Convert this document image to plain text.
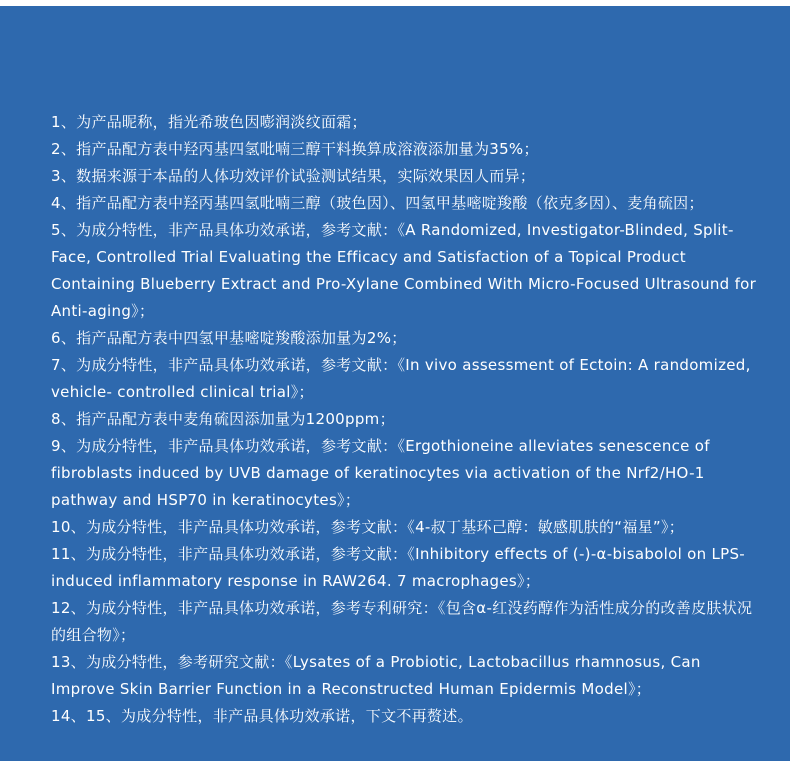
1、为产品昵称，指光希玻色因嘭润淡纹面霜；
2、指产品配方表中羟丙基四氢吡喃三醇干料换算成溶液添加量为35%；
3、数据来源于本品的人体功效评价试验测试结果，实际效果因人而异；
4、指产品配方表中羟丙基四氢吡喃三醇（玻色因）、四氢甲基嘧啶羧酸（依克多因）、麦角硫因；
5、为成分特性，非产品具体功效承诺，参考文献：《A Randomized, Investigator-Blinded, Split-Face, Controlled Trial Evaluating the Efficacy and Satisfaction of a Topical Product Containing Blueberry Extract and Pro-Xylane Combined With Micro-Focused Ultrasound for Anti-aging》；
6、指产品配方表中四氢甲基嘧啶羧酸添加量为2%；
7、为成分特性，非产品具体功效承诺，参考文献：《In vivo assessment of Ectoin: A randomized, vehicle- controlled clinical trial》；
8、指产品配方表中麦角硫因添加量为1200ppm；
9、为成分特性，非产品具体功效承诺，参考文献：《Ergothioneine alleviates senescence of fibroblasts induced by UVB damage of keratinocytes via activation of the Nrf2/HO-1 pathway and HSP70 in keratinocytes》；
10、为成分特性，非产品具体功效承诺，参考文献：《4-叔丁基环己醇：敏感肌肤的“福星”》；
11、为成分特性，非产品具体功效承诺，参考文献：《Inhibitory effects of (-)-α-bisabolol on LPS-induced inflammatory response in RAW264. 7 macrophages》；
12、为成分特性，非产品具体功效承诺，参考专利研究：《包含α-红没药醇作为活性成分的改善皮肤状况的组合物》；
13、为成分特性，参考研究文献：《Lysates of a Probiotic, Lactobacillus rhamnosus, Can Improve Skin Barrier Function in a Reconstructed Human Epidermis Model》；
14、15、为成分特性，非产品具体功效承诺，下文不再赘述。
